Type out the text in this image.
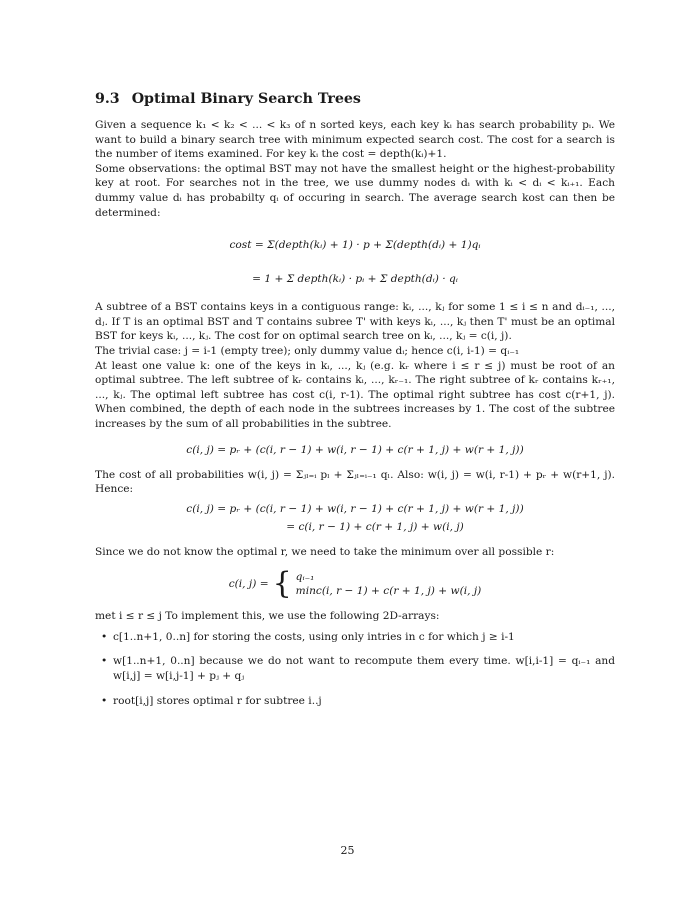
9.3 Optimal Binary Search Trees

Given a sequence k₁ < k₂ < ... < k₃ of n sorted keys, each key kᵢ has search probability pᵢ. We want to build a binary search tree with minimum expected search cost. The cost for a search is the number of items examined. For key kᵢ the cost = depth(kᵢ)+1.

Some observations: the optimal BST may not have the smallest height or the highest-probability key at root. For searches not in the tree, we use dummy nodes dᵢ with kᵢ < dᵢ < kᵢ₊₁. Each dummy value dᵢ has probabilty qᵢ of occuring in search. The average search kost can then be determined:

cost = Σ(depth(kᵢ) + 1) · p + Σ(depth(dᵢ) + 1)qᵢ
= 1 + Σ depth(kᵢ) · pᵢ + Σ depth(dᵢ) · qᵢ

A subtree of a BST contains keys in a contiguous range: kᵢ, ..., kⱼ for some 1 ≤ i ≤ n and dᵢ₋₁, ..., dⱼ. If T is an optimal BST and T contains subree T' with keys kᵢ, ..., kⱼ then T' must be an optimal BST for keys kᵢ, ..., kⱼ. The cost for on optimal search tree on kᵢ, ..., kⱼ = c(i, j).

The trivial case: j = i-1 (empty tree); only dummy value dᵢ; hence c(i, i-1) = qᵢ₋₁

At least one value k: one of the keys in kᵢ, ..., kⱼ (e.g. kᵣ where i ≤ r ≤ j) must be root of an optimal subtree. The left subtree of kᵣ contains kᵢ, ..., kᵣ₋₁. The right subtree of kᵣ contains kᵣ₊₁, ..., kⱼ. The optimal left subtree has cost c(i, r-1). The optimal right subtree has cost c(r+1, j). When combined, the depth of each node in the subtrees increases by 1. The cost of the subtree increases by the sum of all probabilities in the subtree.

c(i, j) = pᵣ + (c(i, r − 1) + w(i, r − 1) + c(r + 1, j) + w(r + 1, j))

The cost of all probabilities w(i, j) = Σⱼₗ₌ᵢ pₗ + Σⱼₗ₌ᵢ₋₁ qₗ. Also: w(i, j) = w(i, r-1) + pᵣ + w(r+1, j). Hence:

c(i, j) = pᵣ + (c(i, r − 1) + w(i, r − 1) + c(r + 1, j) + w(r + 1, j))
= c(i, r − 1) + c(r + 1, j) + w(i, j)

Since we do not know the optimal r, we need to take the minimum over all possible r:

c(i, j) = { qᵢ₋₁
minc(i, r − 1) + c(r + 1, j) + w(i, j)

met i ≤ r ≤ j To implement this, we use the following 2D-arrays:

• c[1..n+1, 0..n] for storing the costs, using only intries in c for which j ≥ i-1
• w[1..n+1, 0..n] because we do not want to recompute them every time. w[i,i-1] = qᵢ₋₁ and w[i,j] = w[i,j-1] + pⱼ + qⱼ
• root[i,j] stores optimal r for subtree i..j
25
